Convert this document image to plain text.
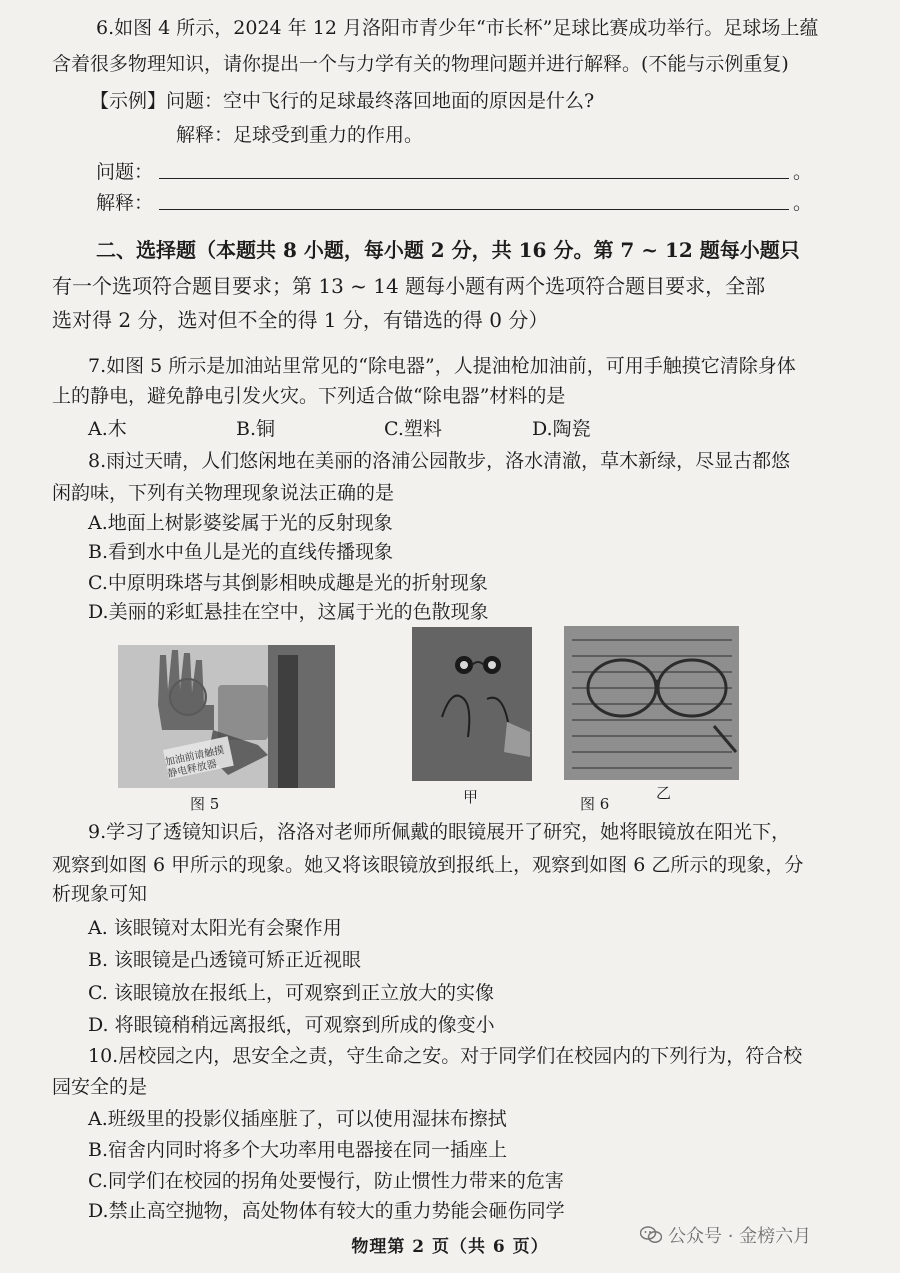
6.如图 4 所示，2024 年 12 月洛阳市青少年“市长杯”足球比赛成功举行。足球场上蕴
含着很多物理知识，请你提出一个与力学有关的物理问题并进行解释。(不能与示例重复)
【示例】问题：空中飞行的足球最终落回地面的原因是什么?
解释：足球受到重力的作用。
问题：	。
解释：	。
二、选择题（本题共 8 小题，每小题 2 分，共 16 分。第 7 ~ 12 题每小题只
有一个选项符合题目要求；第 13 ~ 14 题每小题有两个选项符合题目要求，全部
选对得 2 分，选对但不全的得 1 分，有错选的得 0 分）
7.如图 5 所示是加油站里常见的“除电器”，人提油枪加油前，可用手触摸它清除身体
上的静电，避免静电引发火灾。下列适合做“除电器”材料的是
A.木	B.铜	C.塑料	D.陶瓷
8.雨过天晴，人们悠闲地在美丽的洛浦公园散步，洛水清澈，草木新绿，尽显古都悠
闲韵味，下列有关物理现象说法正确的是
A.地面上树影婆娑属于光的反射现象
B.看到水中鱼儿是光的直线传播现象
C.中原明珠塔与其倒影相映成趣是光的折射现象
D.美丽的彩虹悬挂在空中，这属于光的色散现象
加油前请触摸
静电释放器
图 5	甲	图 6
乙
9.学习了透镜知识后，洛洛对老师所佩戴的眼镜展开了研究，她将眼镜放在阳光下，
观察到如图 6 甲所示的现象。她又将该眼镜放到报纸上，观察到如图 6 乙所示的现象，分
析现象可知
A. 该眼镜对太阳光有会聚作用
B. 该眼镜是凸透镜可矫正近视眼
C. 该眼镜放在报纸上，可观察到正立放大的实像
D. 将眼镜稍稍远离报纸，可观察到所成的像变小
10.居校园之内，思安全之责，守生命之安。对于同学们在校园内的下列行为，符合校
园安全的是
A.班级里的投影仪插座脏了，可以使用湿抹布擦拭
B.宿舍内同时将多个大功率用电器接在同一插座上
C.同学们在校园的拐角处要慢行，防止惯性力带来的危害
D.禁止高空抛物，高处物体有较大的重力势能会砸伤同学
物理第 2 页（共 6 页）	公众号 · 金榜六月
